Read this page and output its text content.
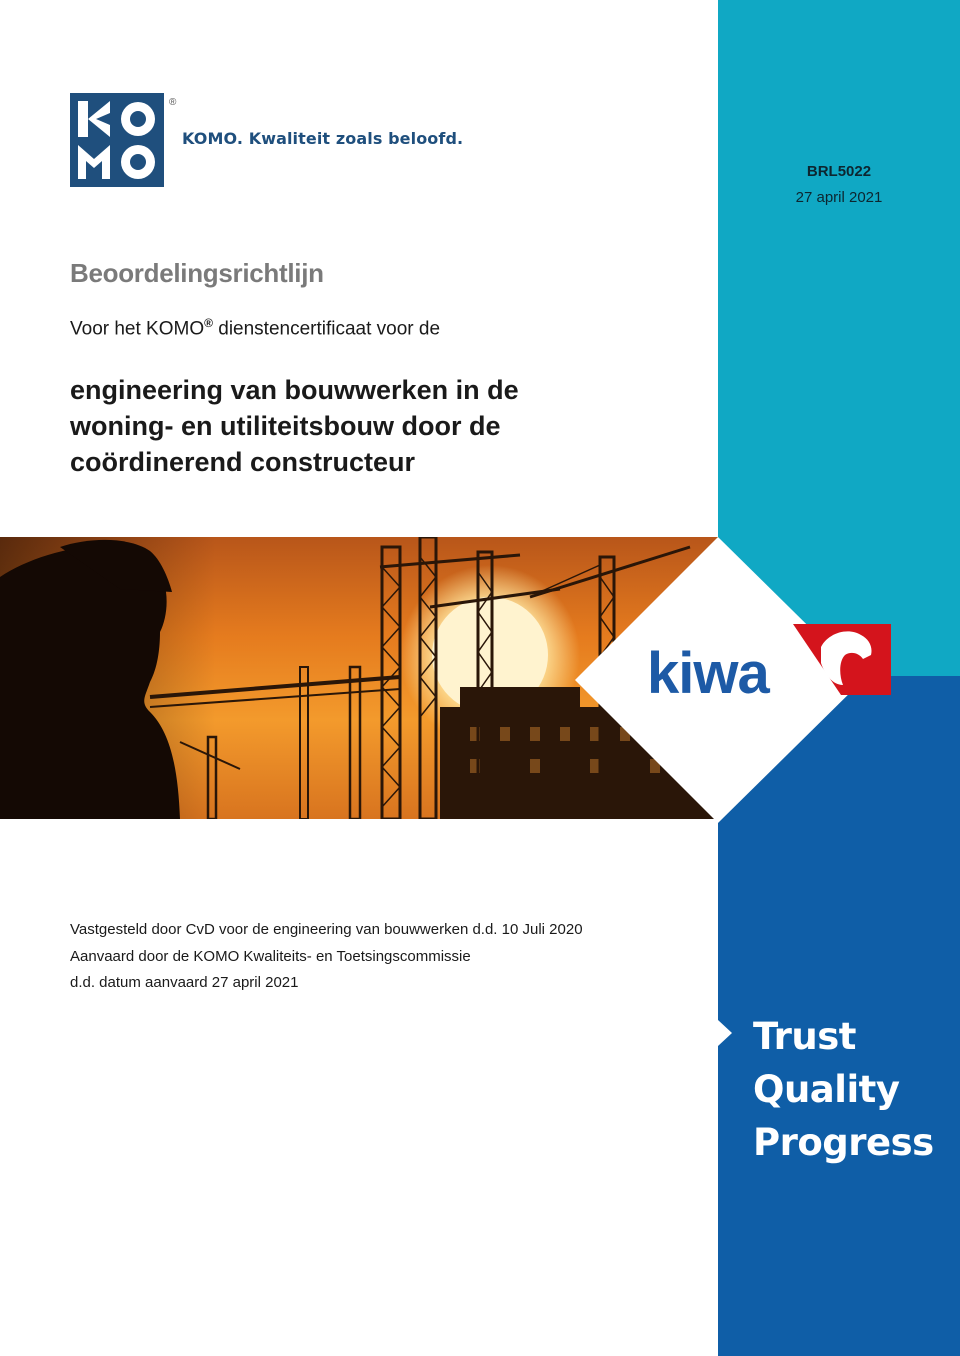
®
KOMO. Kwaliteit zoals beloofd.
BRL5022
27 april 2021
Beoordelingsrichtlijn
Voor het KOMO® dienstencertificaat voor de
engineering van bouwwerken in de
woning- en utiliteitsbouw door de
coördinerend constructeur
kiwa
Vastgesteld door CvD voor de engineering van bouwwerken d.d. 10 Juli 2020
Aanvaard door de KOMO Kwaliteits- en Toetsingscommissie
d.d. datum aanvaard 27 april 2021
Trust
Quality
Progress
